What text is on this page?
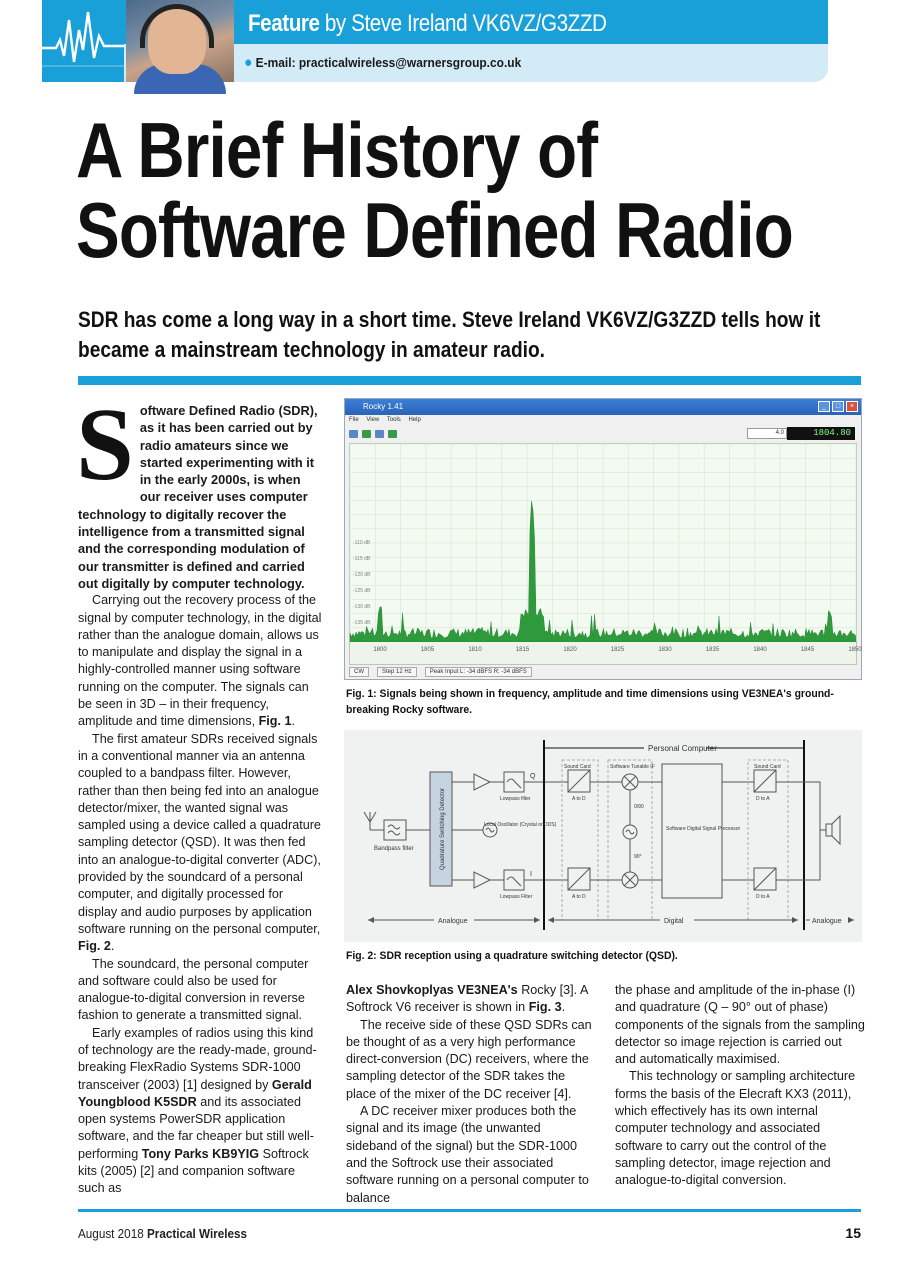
Feature by Steve Ireland VK6VZ/G3ZZD
● E-mail: practicalwireless@warnersgroup.co.uk
A Brief History of
Software Defined Radio
SDR has come a long way in a short time. Steve Ireland VK6VZ/G3ZZD tells how it became a mainstream technology in amateur radio.

Software Defined Radio (SDR), as it has been carried out by radio amateurs since we started experimenting with it in the early 2000s, is when our receiver uses computer technology to digitally recover the intelligence from a transmitted signal and the corresponding modulation of our transmitter is defined and carried out digitally by computer technology.

Carrying out the recovery process of the signal by computer technology, in the digital rather than the analogue domain, allows us to manipulate and display the signal in a highly-controlled manner using software running on the computer. The signals can be seen in 3D – in their frequency, amplitude and time dimensions, Fig. 1.

The first amateur SDRs received signals in a conventional manner via an antenna coupled to a bandpass filter. However, rather than then being fed into an analogue detector/mixer, the wanted signal was sampled using a device called a quadrature sampling detector (QSD). It was then fed into an analogue-to-digital converter (ADC), provided by the soundcard of a personal computer, and digitally processed for display and audio purposes by application software running on the personal computer, Fig. 2.

The soundcard, the personal computer and software could also be used for analogue-to-digital conversion in reverse fashion to generate a transmitted signal.

Early examples of radios using this kind of technology are the ready-made, ground-breaking FlexRadio Systems SDR-1000 transceiver (2003) [1] designed by Gerald Youngblood K5SDR and its associated open systems PowerSDR application software, and the far cheaper but still well-performing Tony Parks KB9YIG Softrock kits (2005) [2] and companion software such as

Rocky 1.41	_	□	×
File View Tools Help
4.0	1804.80
-110 dB
-115 dB
-120 dB
-125 dB
-130 dB
-135 dB
1800	1805	1810	1815	1820	1825	1830	1835	1840	1845	1850
CW	Step 12 Hz	Peak Input L: -34 dBFS R: -34 dBFS
Fig. 1: Signals being shown in frequency, amplitude and time dimensions using VE3NEA's ground-breaking Rocky software.
Personal Computer
Bandpass filter	Quadrature Switching Detector	Local Oscillator (Crystal or DDS)
Lowpass filter
Lowpass Filter
Q
I
A to D
A to D
Sound Card	Software Tunable IF
0/90
90°
Software Digital Signal Processor
Sound Card
D to A
D to A
Analogue	Digital	Analogue
Fig. 2: SDR reception using a quadrature switching detector (QSD).

Alex Shovkoplyas VE3NEA's Rocky [3]. A Softrock V6 receiver is shown in Fig. 3.

The receive side of these QSD SDRs can be thought of as a very high performance direct-conversion (DC) receivers, where the sampling detector of the SDR takes the place of the mixer of the DC receiver [4].

A DC receiver mixer produces both the signal and its image (the unwanted sideband of the signal) but the SDR-1000 and the Softrock use their associated software running on a personal computer to balance

the phase and amplitude of the in-phase (I) and quadrature (Q – 90° out of phase) components of the signals from the sampling detector so image rejection is carried out and automatically maximised.

This technology or sampling architecture forms the basis of the Elecraft KX3 (2011), which effectively has its own internal computer technology and associated software to carry out the control of the sampling detector, image rejection and analogue-to-digital conversion.

August 2018 Practical Wireless	15
